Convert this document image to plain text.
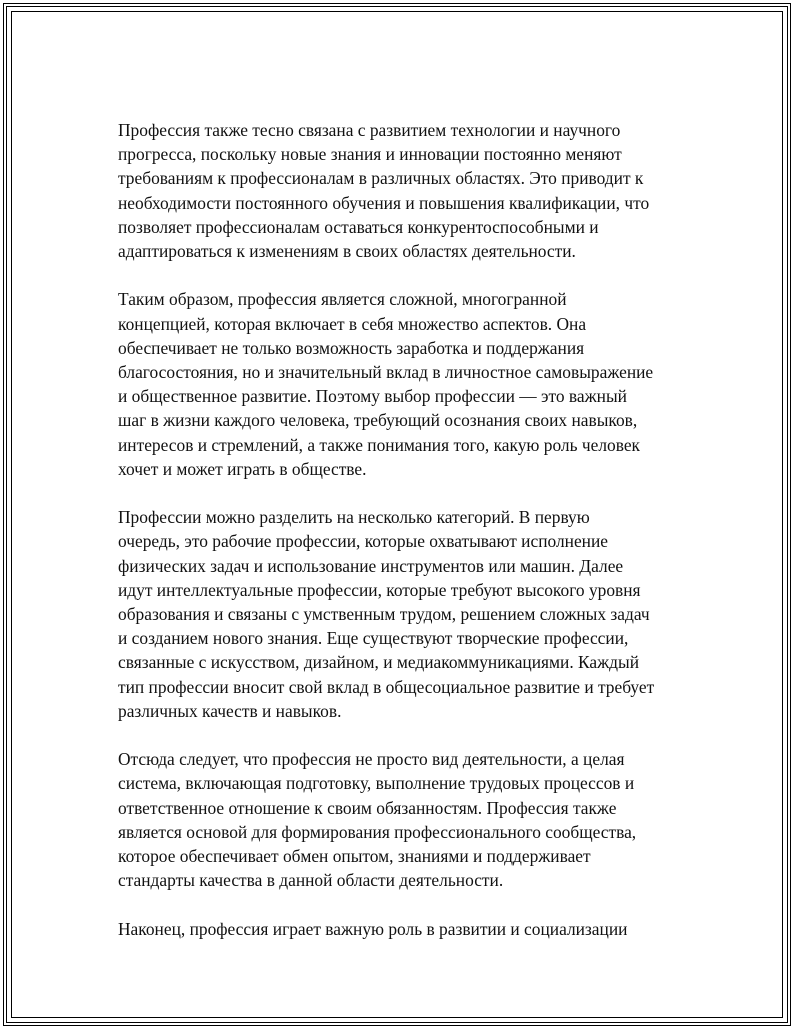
Профессия также тесно связана с развитием технологии и научного
прогресса, поскольку новые знания и инновации постоянно меняют
требованиям к профессионалам в различных областях. Это приводит к
необходимости постоянного обучения и повышения квалификации, что
позволяет профессионалам оставаться конкурентоспособными и
адаптироваться к изменениям в своих областях деятельности.

Таким образом, профессия является сложной, многогранной
концепцией, которая включает в себя множество аспектов. Она
обеспечивает не только возможность заработка и поддержания
благосостояния, но и значительный вклад в личностное самовыражение
и общественное развитие. Поэтому выбор профессии — это важный
шаг в жизни каждого человека, требующий осознания своих навыков,
интересов и стремлений, а также понимания того, какую роль человек
хочет и может играть в обществе.

Профессии можно разделить на несколько категорий. В первую
очередь, это рабочие профессии, которые охватывают исполнение
физических задач и использование инструментов или машин. Далее
идут интеллектуальные профессии, которые требуют высокого уровня
образования и связаны с умственным трудом, решением сложных задач
и созданием нового знания. Еще существуют творческие профессии,
связанные с искусством, дизайном, и медиакоммуникациями. Каждый
тип профессии вносит свой вклад в общесоциальное развитие и требует
различных качеств и навыков.

Отсюда следует, что профессия не просто вид деятельности, а целая
система, включающая подготовку, выполнение трудовых процессов и
ответственное отношение к своим обязанностям. Профессия также
является основой для формирования профессионального сообщества,
которое обеспечивает обмен опытом, знаниями и поддерживает
стандарты качества в данной области деятельности.

Наконец, профессия играет важную роль в развитии и социализации
